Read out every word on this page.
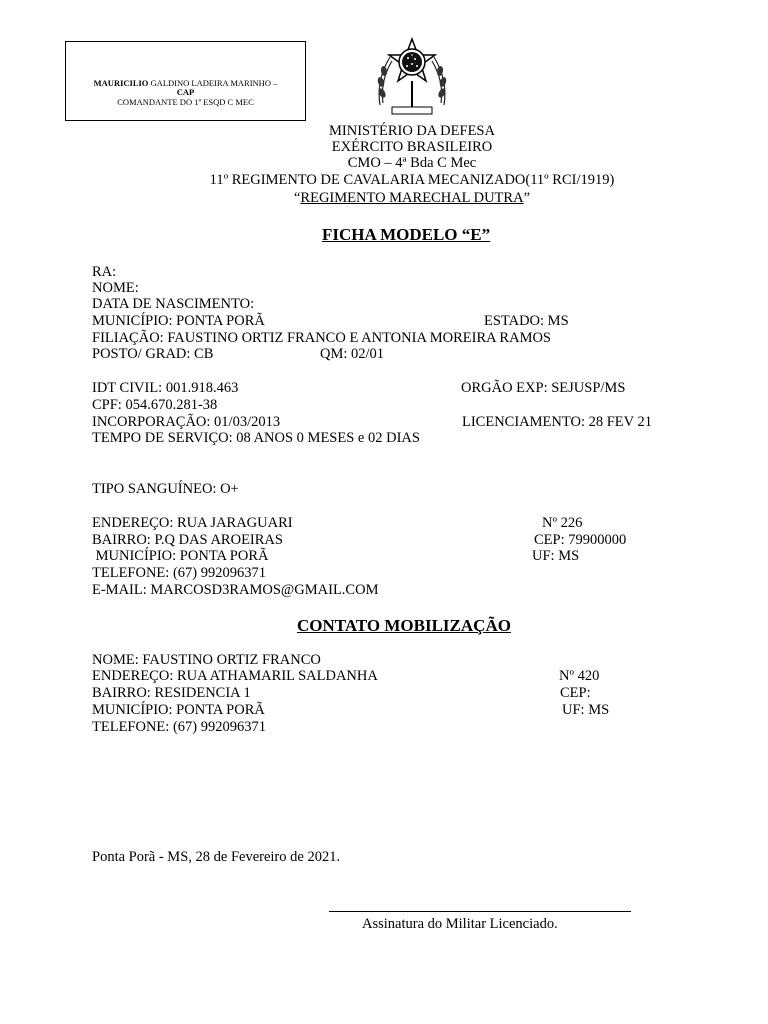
MAURICILIO GALDINO LADEIRA MARINHO –
CAP
COMANDANTE DO 1º ESQD C MEC
MINISTÉRIO DA DEFESA
EXÉRCITO BRASILEIRO
CMO – 4ª Bda C Mec
11º REGIMENTO DE CAVALARIA MECANIZADO(11º RCI/1919)
“REGIMENTO MARECHAL DUTRA”
FICHA MODELO “E”
RA:
NOME:
DATA DE NASCIMENTO:
MUNICÍPIO: PONTA PORÃ	ESTADO: MS
FILIAÇÃO: FAUSTINO ORTIZ FRANCO E ANTONIA MOREIRA RAMOS
POSTO/ GRAD: CB	QM: 02/01
IDT CIVIL: 001.918.463	ORGÃO EXP: SEJUSP/MS
CPF: 054.670.281-38
INCORPORAÇÃO: 01/03/2013	LICENCIAMENTO: 28 FEV 21
TEMPO DE SERVIÇO: 08 ANOS 0 MESES e 02 DIAS
TIPO SANGUÍNEO: O+
ENDEREÇO: RUA JARAGUARI	Nº 226
BAIRRO: P.Q DAS AROEIRAS	CEP: 79900000
MUNICÍPIO: PONTA PORÃ	UF: MS
TELEFONE: (67) 992096371
E-MAIL: MARCOSD3RAMOS@GMAIL.COM
CONTATO MOBILIZAÇÃO
NOME: FAUSTINO ORTIZ FRANCO
ENDEREÇO: RUA ATHAMARIL SALDANHA	Nº 420
BAIRRO: RESIDENCIA 1	CEP:
MUNICÍPIO: PONTA PORÃ	UF: MS
TELEFONE: (67) 992096371
Ponta Porã - MS, 28 de Fevereiro de 2021.
Assinatura do Militar Licenciado.
